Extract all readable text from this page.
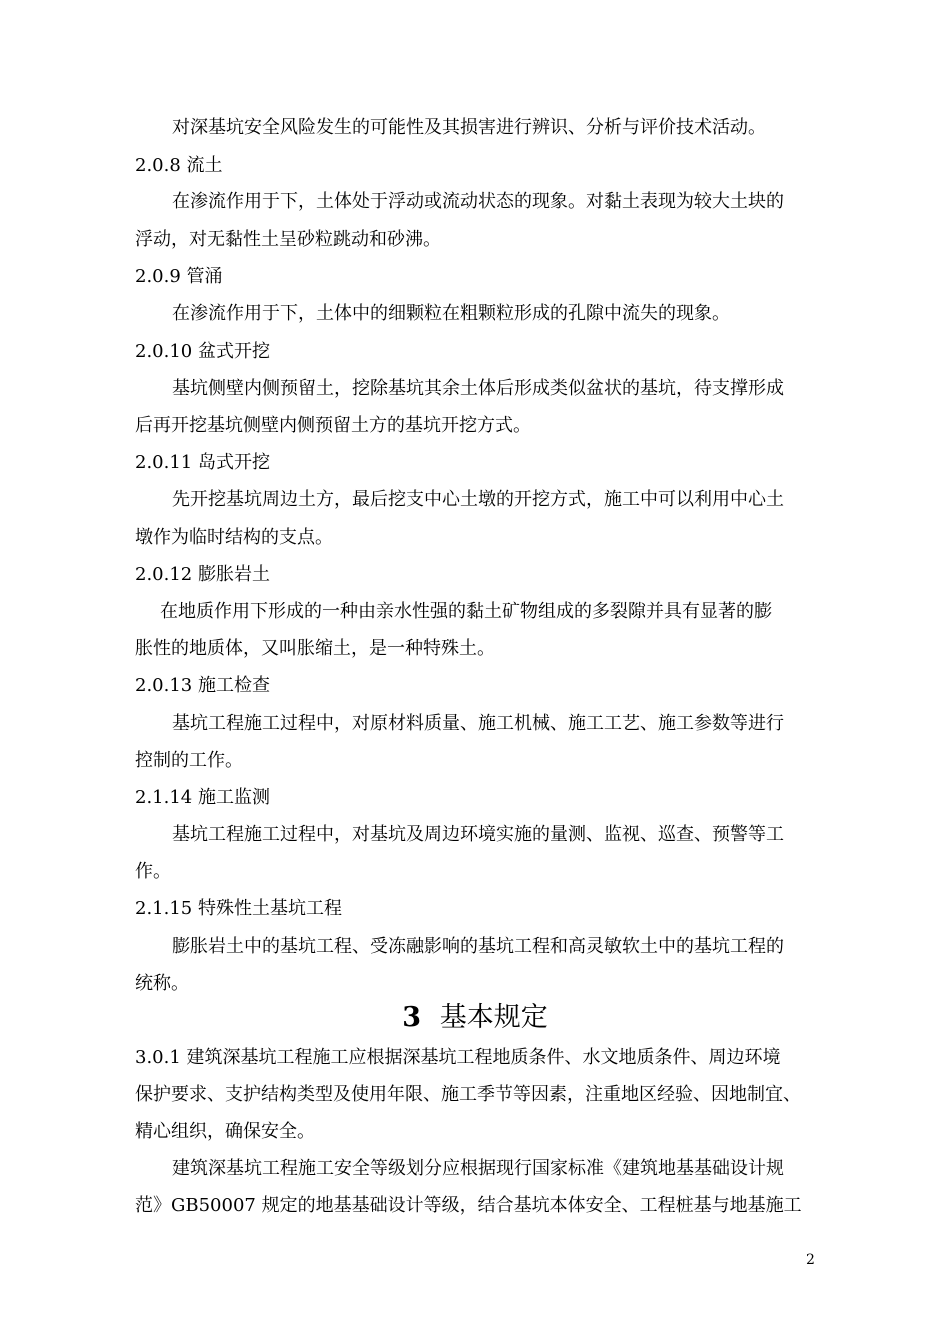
对深基坑安全风险发生的可能性及其损害进行辨识、分析与评价技术活动。
2.0.8 流土
在渗流作用于下，土体处于浮动或流动状态的现象。对黏土表现为较大土块的
浮动，对无黏性土呈砂粒跳动和砂沸。
2.0.9 管涌
在渗流作用于下，土体中的细颗粒在粗颗粒形成的孔隙中流失的现象。
2.0.10 盆式开挖
基坑侧壁内侧预留土，挖除基坑其余土体后形成类似盆状的基坑，待支撑形成
后再开挖基坑侧壁内侧预留土方的基坑开挖方式。
2.0.11 岛式开挖
先开挖基坑周边土方，最后挖支中心土墩的开挖方式，施工中可以利用中心土
墩作为临时结构的支点。
2.0.12 膨胀岩土
在地质作用下形成的一种由亲水性强的黏土矿物组成的多裂隙并具有显著的膨
胀性的地质体，又叫胀缩土，是一种特殊土。
2.0.13 施工检查
基坑工程施工过程中，对原材料质量、施工机械、施工工艺、施工参数等进行
控制的工作。
2.1.14 施工监测
基坑工程施工过程中，对基坑及周边环境实施的量测、监视、巡查、预警等工
作。
2.1.15 特殊性土基坑工程
膨胀岩土中的基坑工程、受冻融影响的基坑工程和高灵敏软土中的基坑工程的
统称。
3 基本规定
3.0.1 建筑深基坑工程施工应根据深基坑工程地质条件、水文地质条件、周边环境
保护要求、支护结构类型及使用年限、施工季节等因素，注重地区经验、因地制宜、
精心组织，确保安全。
建筑深基坑工程施工安全等级划分应根据现行国家标准《建筑地基基础设计规
范》GB50007 规定的地基基础设计等级，结合基坑本体安全、工程桩基与地基施工
2
